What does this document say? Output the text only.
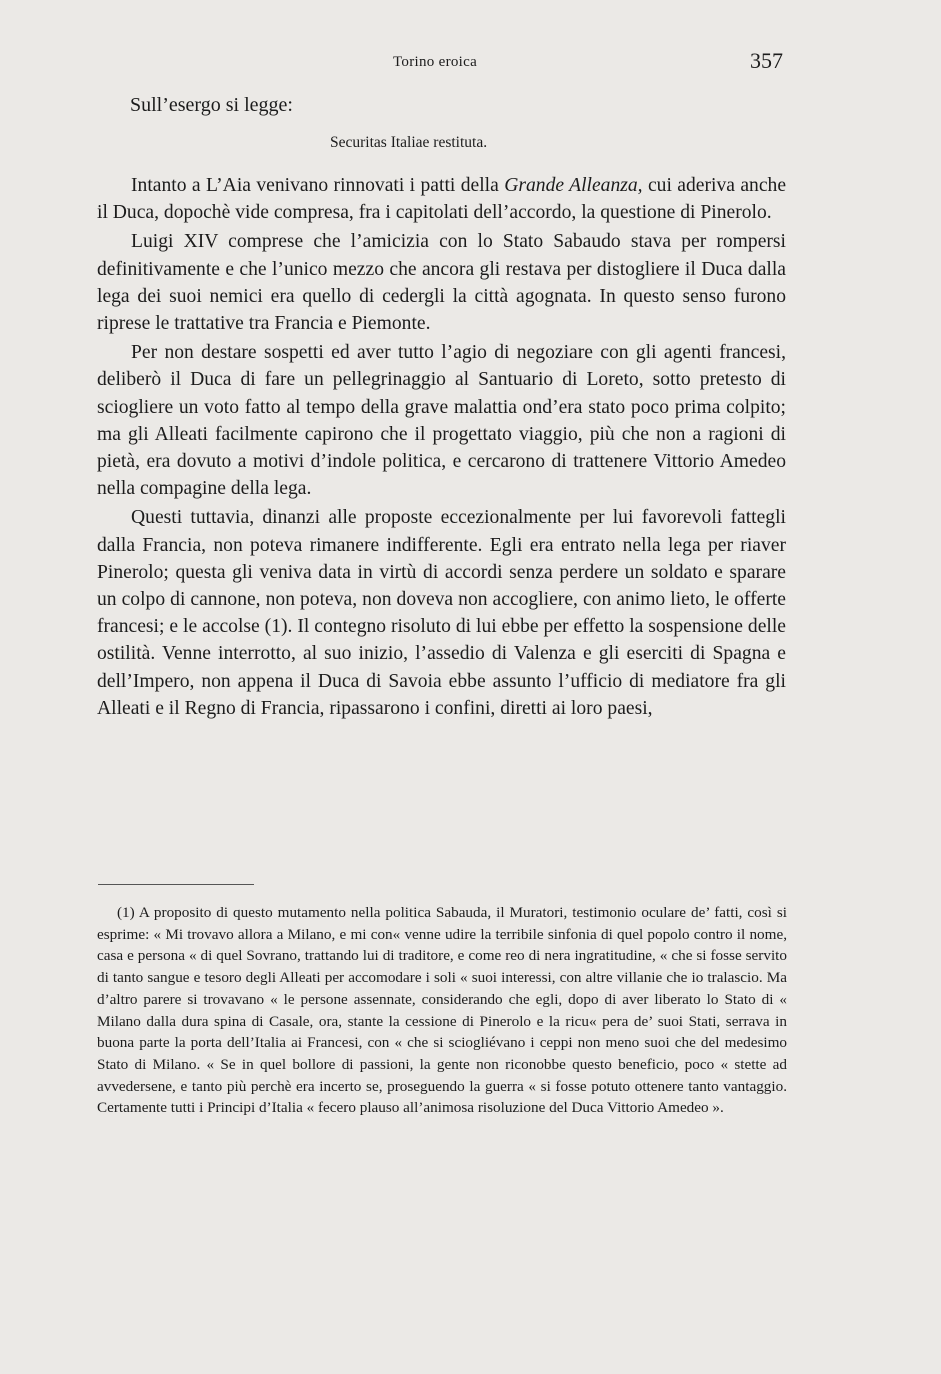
Torino eroica	357
Sull’esergo si legge:
Securitas Italiae restituta.

Intanto a L’Aia venivano rinnovati i patti della Grande Alleanza, cui aderiva anche il Duca, dopochè vide compresa, fra i capitolati dell’accordo, la questione di Pinerolo.

Luigi XIV comprese che l’amicizia con lo Stato Sabaudo stava per rompersi definitivamente e che l’unico mezzo che ancora gli restava per distogliere il Duca dalla lega dei suoi nemici era quello di cedergli la città agognata. In questo senso furono riprese le trattative tra Francia e Piemonte.

Per non destare sospetti ed aver tutto l’agio di negoziare con gli agenti francesi, deliberò il Duca di fare un pellegrinaggio al Santuario di Loreto, sotto pretesto di sciogliere un voto fatto al tempo della grave malattia ond’era stato poco prima colpito; ma gli Alleati facilmente capirono che il progettato viaggio, più che non a ragioni di pietà, era dovuto a motivi d’indole politica, e cercarono di trattenere Vittorio Amedeo nella compagine della lega.

Questi tuttavia, dinanzi alle proposte eccezionalmente per lui favorevoli fattegli dalla Francia, non poteva rimanere indifferente. Egli era entrato nella lega per riaver Pinerolo; questa gli veniva data in virtù di accordi senza perdere un soldato e sparare un colpo di cannone, non poteva, non doveva non accogliere, con animo lieto, le offerte francesi; e le accolse (1). Il contegno risoluto di lui ebbe per effetto la sospensione delle ostilità. Venne interrotto, al suo inizio, l’assedio di Valenza e gli eserciti di Spagna e dell’Impero, non appena il Duca di Savoia ebbe assunto l’ufficio di mediatore fra gli Alleati e il Regno di Francia, ripassarono i confini, diretti ai loro paesi,

(1) A proposito di questo mutamento nella politica Sabauda, il Muratori, testimonio oculare de’ fatti, così si esprime: « Mi trovavo allora a Milano, e mi con« venne udire la terribile sinfonia di quel popolo contro il nome, casa e persona « di quel Sovrano, trattando lui di traditore, e come reo di nera ingratitudine, « che si fosse servito di tanto sangue e tesoro degli Alleati per accomodare i soli « suoi interessi, con altre villanie che io tralascio. Ma d’altro parere si trovavano « le persone assennate, considerando che egli, dopo di aver liberato lo Stato di « Milano dalla dura spina di Casale, ora, stante la cessione di Pinerolo e la ricu« pera de’ suoi Stati, serrava in buona parte la porta dell’Italia ai Francesi, con « che si sciogliévano i ceppi non meno suoi che del medesimo Stato di Milano. « Se in quel bollore di passioni, la gente non riconobbe questo beneficio, poco « stette ad avvedersene, e tanto più perchè era incerto se, proseguendo la guerra « si fosse potuto ottenere tanto vantaggio. Certamente tutti i Principi d’Italia « fecero plauso all’animosa risoluzione del Duca Vittorio Amedeo ».
